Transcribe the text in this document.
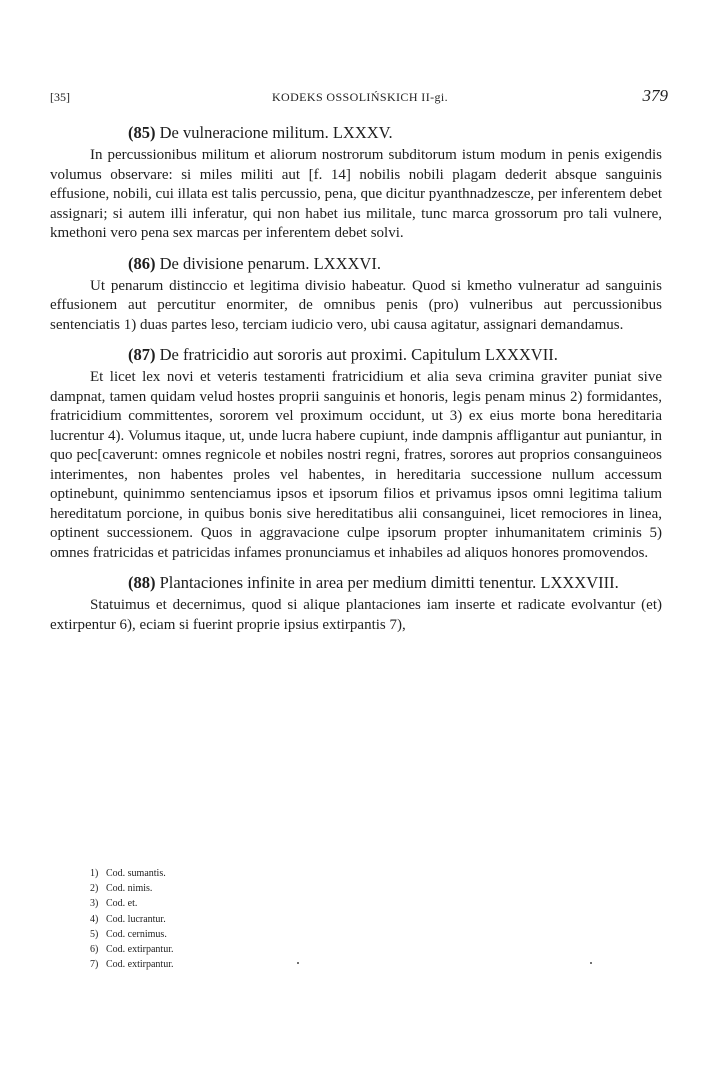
[35]	KODEKS OSSOLIŃSKICH II-gi.	379
(85) De vulneracione militum. LXXXV.

In percussionibus militum et aliorum nostrorum subditorum istum modum in penis exigendis volumus observare: si miles militi aut [f. 14] nobilis nobili plagam dederit absque sanguinis effusione, nobili, cui illata est talis percussio, pena, que dicitur pyanthnadzescze, per inferentem debet assignari; si autem illi inferatur, qui non habet ius militale, tunc marca grossorum pro tali vulnere, kmethoni vero pena sex marcas per inferentem debet solvi.

(86) De divisione penarum. LXXXVI.

Ut penarum distinccio et legitima divisio habeatur. Quod si kmetho vulneratur ad sanguinis effusionem aut percutitur enormiter, de omnibus penis (pro) vulneribus aut percussionibus sentenciatis 1) duas partes leso, terciam iudicio vero, ubi causa agitatur, assignari demandamus.

(87) De fratricidio aut sororis aut proximi. Capitulum LXXXVII.

Et licet lex novi et veteris testamenti fratricidium et alia seva crimina graviter puniat sive dampnat, tamen quidam velud hostes proprii sanguinis et honoris, legis penam minus 2) formidantes, fratricidium committentes, sororem vel proximum occidunt, ut 3) ex eius morte bona hereditaria lucrentur 4). Volumus itaque, ut, unde lucra habere cupiunt, inde dampnis affligantur aut puniantur, in quo pec[caverunt: omnes regnicole et nobiles nostri regni, fratres, sorores aut proprios consanguineos interimentes, non habentes proles vel habentes, in hereditaria successione nullum accessum optinebunt, quinimmo sentenciamus ipsos et ipsorum filios et privamus ipsos omni legitima talium hereditatum porcione, in quibus bonis sive hereditatibus alii consanguinei, licet remociores in linea, optinent successionem. Quos in aggravacione culpe ipsorum propter inhumanitatem criminis 5) omnes fratricidas et patricidas infames pronunciamus et inhabiles ad aliquos honores promovendos.

(88) Plantaciones infinite in area per medium dimitti tenentur. LXXXVIII.

Statuimus et decernimus, quod si alique plantaciones iam inserte et radicate evolvantur (et) extirpentur 6), eciam si fuerint proprie ipsius extirpantis 7),

1) Cod. sumantis.
2) Cod. nimis.
3) Cod. et.
4) Cod. lucrantur.
5) Cod. cernimus.
6) Cod. extirpantur.
7) Cod. extirpantur.
